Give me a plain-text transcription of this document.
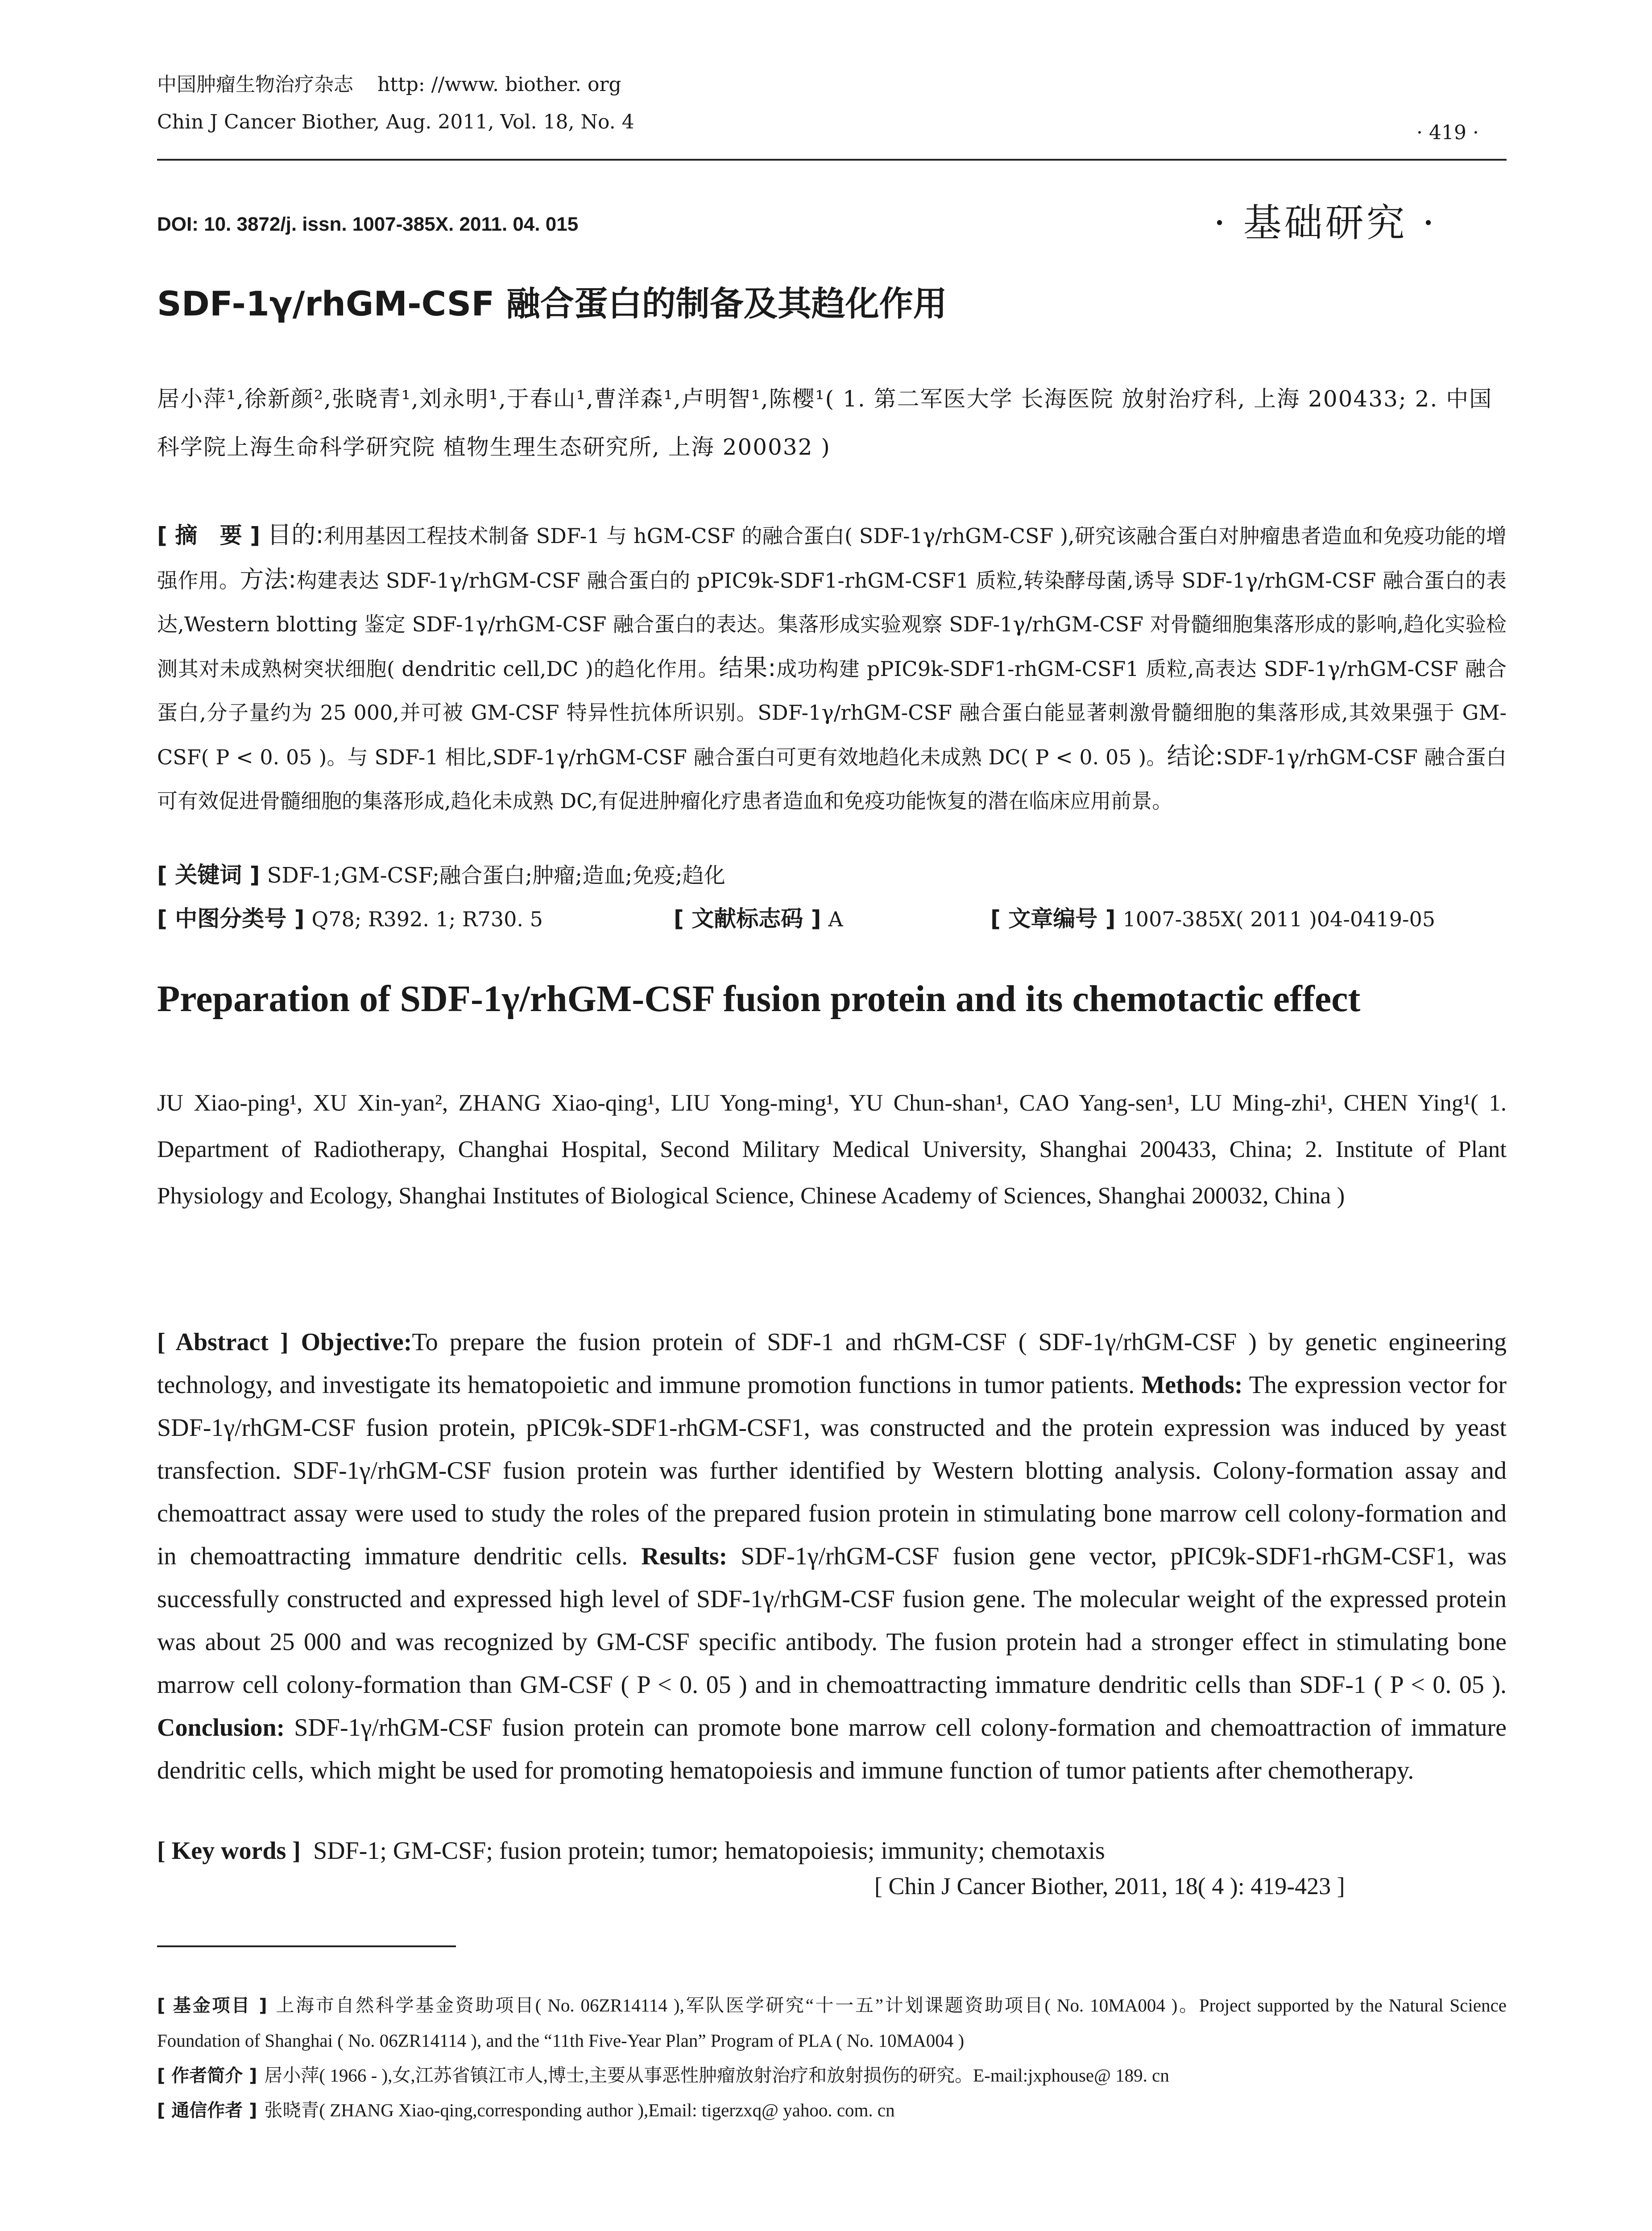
中国肿瘤生物治疗杂志 http: //www. biother. org
Chin J Cancer Biother, Aug. 2011, Vol. 18, No. 4	· 419 ·
DOI: 10. 3872/j. issn. 1007-385X. 2011. 04. 015	· 基础研究 ·
SDF-1γ/rhGM-CSF 融合蛋白的制备及其趋化作用
居小萍¹,徐新颜²,张晓青¹,刘永明¹,于春山¹,曹洋森¹,卢明智¹,陈樱¹( 1. 第二军医大学 长海医院 放射治疗科, 上海 200433; 2. 中国科学院上海生命科学研究院 植物生理生态研究所, 上海 200032 )
[ 摘　要 ] 目的:利用基因工程技术制备 SDF-1 与 hGM-CSF 的融合蛋白( SDF-1γ/rhGM-CSF ),研究该融合蛋白对肿瘤患者造血和免疫功能的增强作用。方法:构建表达 SDF-1γ/rhGM-CSF 融合蛋白的 pPIC9k-SDF1-rhGM-CSF1 质粒,转染酵母菌,诱导 SDF-1γ/rhGM-CSF 融合蛋白的表达,Western blotting 鉴定 SDF-1γ/rhGM-CSF 融合蛋白的表达。集落形成实验观察 SDF-1γ/rhGM-CSF 对骨髓细胞集落形成的影响,趋化实验检测其对未成熟树突状细胞( dendritic cell,DC )的趋化作用。结果:成功构建 pPIC9k-SDF1-rhGM-CSF1 质粒,高表达 SDF-1γ/rhGM-CSF 融合蛋白,分子量约为 25 000,并可被 GM-CSF 特异性抗体所识别。SDF-1γ/rhGM-CSF 融合蛋白能显著刺激骨髓细胞的集落形成,其效果强于 GM-CSF( P < 0. 05 )。与 SDF-1 相比,SDF-1γ/rhGM-CSF 融合蛋白可更有效地趋化未成熟 DC( P < 0. 05 )。结论:SDF-1γ/rhGM-CSF 融合蛋白可有效促进骨髓细胞的集落形成,趋化未成熟 DC,有促进肿瘤化疗患者造血和免疫功能恢复的潜在临床应用前景。
[ 关键词 ] SDF-1;GM-CSF;融合蛋白;肿瘤;造血;免疫;趋化
[ 中图分类号 ] Q78; R392. 1; R730. 5	[ 文献标志码 ] A	[ 文章编号 ] 1007-385X( 2011 )04-0419-05
Preparation of SDF-1γ/rhGM-CSF fusion protein and its chemotactic effect
JU Xiao-ping¹, XU Xin-yan², ZHANG Xiao-qing¹, LIU Yong-ming¹, YU Chun-shan¹, CAO Yang-sen¹, LU Ming-zhi¹, CHEN Ying¹( 1. Department of Radiotherapy, Changhai Hospital, Second Military Medical University, Shanghai 200433, China; 2. Institute of Plant Physiology and Ecology, Shanghai Institutes of Biological Science, Chinese Academy of Sciences, Shanghai 200032, China )
[ Abstract ] Objective:To prepare the fusion protein of SDF-1 and rhGM-CSF ( SDF-1γ/rhGM-CSF ) by genetic engineering technology, and investigate its hematopoietic and immune promotion functions in tumor patients. Methods: The expression vector for SDF-1γ/rhGM-CSF fusion protein, pPIC9k-SDF1-rhGM-CSF1, was constructed and the protein expression was induced by yeast transfection. SDF-1γ/rhGM-CSF fusion protein was further identified by Western blotting analysis. Colony-formation assay and chemoattract assay were used to study the roles of the prepared fusion protein in stimulating bone marrow cell colony-formation and in chemoattracting immature dendritic cells. Results: SDF-1γ/rhGM-CSF fusion gene vector, pPIC9k-SDF1-rhGM-CSF1, was successfully constructed and expressed high level of SDF-1γ/rhGM-CSF fusion gene. The molecular weight of the expressed protein was about 25 000 and was recognized by GM-CSF specific antibody. The fusion protein had a stronger effect in stimulating bone marrow cell colony-formation than GM-CSF ( P < 0. 05 ) and in chemoattracting immature dendritic cells than SDF-1 ( P < 0. 05 ). Conclusion: SDF-1γ/rhGM-CSF fusion protein can promote bone marrow cell colony-formation and chemoattraction of immature dendritic cells, which might be used for promoting hematopoiesis and immune function of tumor patients after chemotherapy.
[ Key words ] SDF-1; GM-CSF; fusion protein; tumor; hematopoiesis; immunity; chemotaxis
[ Chin J Cancer Biother, 2011, 18( 4 ): 419-423 ]
[ 基金项目 ] 上海市自然科学基金资助项目( No. 06ZR14114 ),军队医学研究“十一五”计划课题资助项目( No. 10MA004 )。Project supported by the Natural Science Foundation of Shanghai ( No. 06ZR14114 ), and the “11th Five-Year Plan” Program of PLA ( No. 10MA004 )
[ 作者简介 ] 居小萍( 1966 - ),女,江苏省镇江市人,博士,主要从事恶性肿瘤放射治疗和放射损伤的研究。E-mail:jxphouse@ 189. cn
[ 通信作者 ] 张晓青( ZHANG Xiao-qing,corresponding author ),Email: tigerzxq@ yahoo. com. cn
